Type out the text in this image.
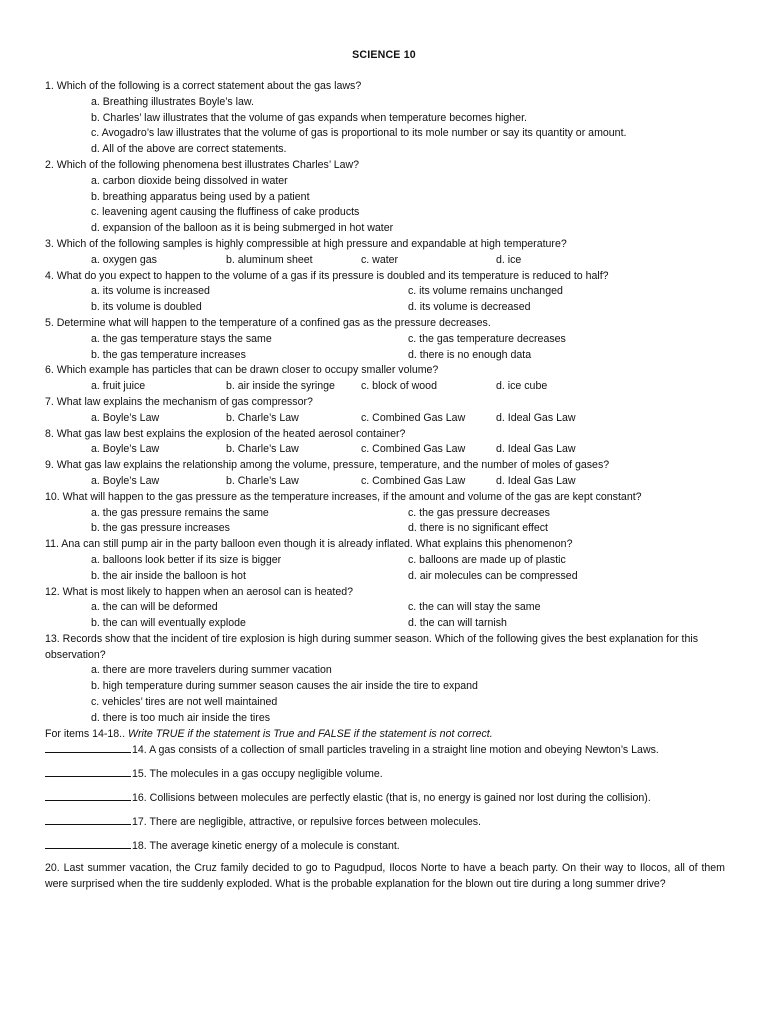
SCIENCE 10
1. Which of the following is a correct statement about the gas laws?
a. Breathing illustrates Boyle’s law.
b. Charles’ law illustrates that the volume of gas expands when temperature becomes higher.
c. Avogadro’s law illustrates that the volume of gas is proportional to its mole number or say its quantity or amount.
d. All of the above are correct statements.
2. Which of the following phenomena best illustrates Charles’ Law?
a. carbon dioxide being dissolved in water
b. breathing apparatus being used by a patient
c. leavening agent causing the fluffiness of cake products
d. expansion of the balloon as it is being submerged in hot water
3. Which of the following samples is highly compressible at high pressure and expandable at high temperature?
a. oxygen gas	b. aluminum sheet	c. water	d. ice
4. What do you expect to happen to the volume of a gas if its pressure is doubled and its temperature is reduced to half?
a. its volume is increased	c. its volume remains unchanged
b. its volume is doubled	d. its volume is decreased
5. Determine what will happen to the temperature of a confined gas as the pressure decreases.
a. the gas temperature stays the same	c. the gas temperature decreases
b. the gas temperature increases	d. there is no enough data
6. Which example has particles that can be drawn closer to occupy smaller volume?
a. fruit juice	b. air inside the syringe	c. block of wood	d. ice cube
7. What law explains the mechanism of gas compressor?
a. Boyle’s Law	b. Charle’s Law	c. Combined Gas Law	d. Ideal Gas Law
8. What gas law best explains the explosion of the heated aerosol container?
a. Boyle’s Law	b. Charle’s Law	c. Combined Gas Law	d. Ideal Gas Law
9. What gas law explains the relationship among the volume, pressure, temperature, and the number of moles of gases?
a. Boyle’s Law	b. Charle’s Law	c. Combined Gas Law	d. Ideal Gas Law
10. What will happen to the gas pressure as the temperature increases, if the amount and volume of the gas are kept constant?
a. the gas pressure remains the same	c. the gas pressure decreases
b. the gas pressure increases	d. there is no significant effect
11. Ana can still pump air in the party balloon even though it is already inflated. What explains this phenomenon?
a. balloons look better if its size is bigger	c. balloons are made up of plastic
b. the air inside the balloon is hot	d. air molecules can be compressed
12. What is most likely to happen when an aerosol can is heated?
a. the can will be deformed	c. the can will stay the same
b. the can will eventually explode	d. the can will tarnish
13. Records show that the incident of tire explosion is high during summer season. Which of the following gives the best explanation for this observation?
a. there are more travelers during summer vacation
b. high temperature during summer season causes the air inside the tire to expand
c. vehicles’ tires are not well maintained
d. there is too much air inside the tires
For items 14-18.. Write TRUE if the statement is True and FALSE if the statement is not correct.
14. A gas consists of a collection of small particles traveling in a straight line motion and obeying Newton’s Laws.
15. The molecules in a gas occupy negligible volume.
16. Collisions between molecules are perfectly elastic (that is, no energy is gained nor lost during the collision).
17. There are negligible, attractive, or repulsive forces between molecules.
18. The average kinetic energy of a molecule is constant.
20. Last summer vacation, the Cruz family decided to go to Pagudpud, Ilocos Norte to have a beach party. On their way to Ilocos, all of them were surprised when the tire suddenly exploded. What is the probable explanation for the blown out tire during a long summer drive?
